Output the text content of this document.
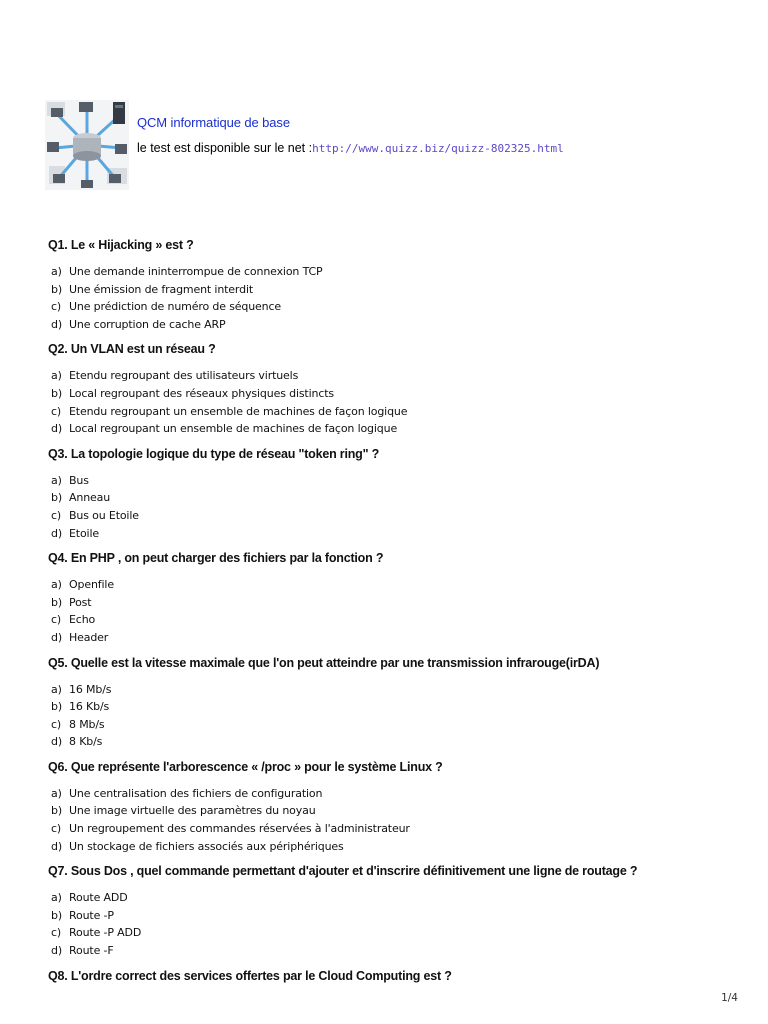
QCM informatique de base
le test est disponible sur le net :http://www.quizz.biz/quizz-802325.html
Q1. Le « Hijacking » est ?
a) Une demande ininterrompue de connexion TCP
b) Une émission de fragment interdit
c) Une prédiction de numéro de séquence
d) Une corruption de cache ARP
Q2. Un VLAN est un réseau ?
a) Etendu regroupant des utilisateurs virtuels
b) Local regroupant des réseaux physiques distincts
c) Etendu regroupant un ensemble de machines de façon logique
d) Local regroupant un ensemble de machines de façon logique
Q3. La topologie logique du type de réseau "token ring" ?
a) Bus
b) Anneau
c) Bus ou Etoile
d) Etoile
Q4. En PHP , on peut charger des fichiers par la fonction ?
a) Openfile
b) Post
c) Echo
d) Header
Q5. Quelle est la vitesse maximale que l'on peut atteindre par une transmission infrarouge(irDA)
a) 16 Mb/s
b) 16 Kb/s
c) 8 Mb/s
d) 8 Kb/s
Q6. Que représente l'arborescence « /proc » pour le système Linux ?
a) Une centralisation des fichiers de configuration
b) Une image virtuelle des paramètres du noyau
c) Un regroupement des commandes réservées à l'administrateur
d) Un stockage de fichiers associés aux périphériques
Q7. Sous Dos , quel commande permettant d'ajouter et d'inscrire définitivement une ligne de routage ?
a) Route ADD
b) Route -P
c) Route -P ADD
d) Route -F
Q8. L'ordre correct des services offertes par le Cloud Computing est ?
1/4
